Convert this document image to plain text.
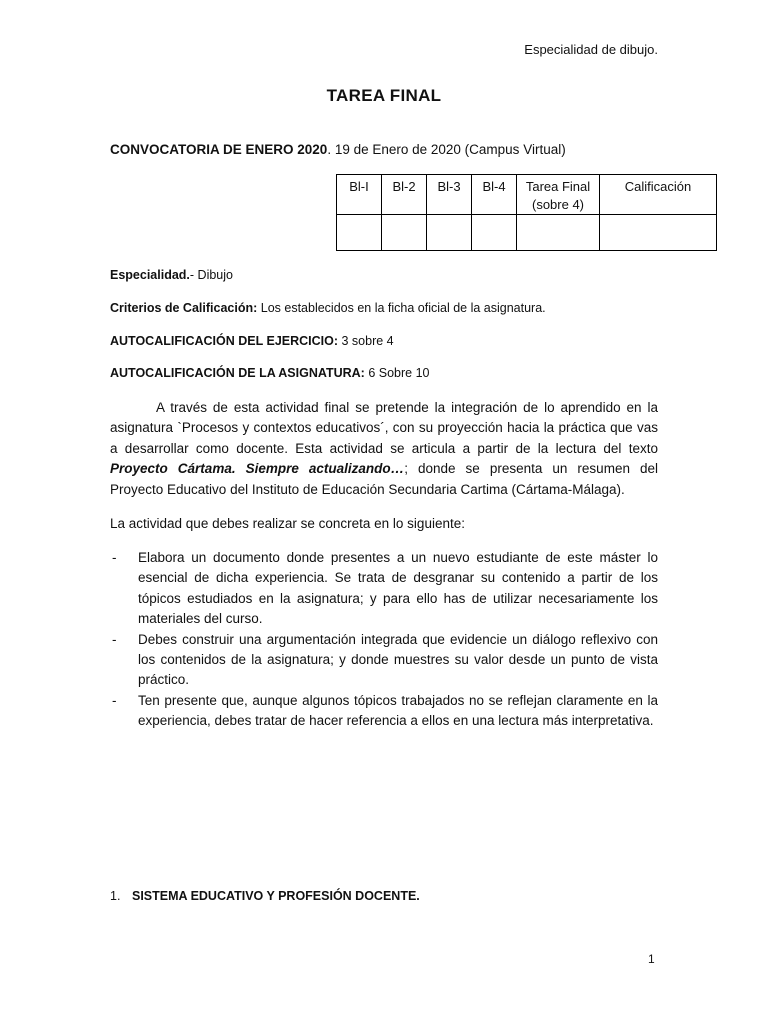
Especialidad de dibujo.
TAREA FINAL
CONVOCATORIA DE ENERO 2020. 19 de Enero de 2020 (Campus Virtual)
Bl-I	Bl-2	Bl-3	Bl-4	Tarea Final (sobre 4)	Calificación

Especialidad.- Dibujo
Criterios de Calificación: Los establecidos en la ficha oficial de la asignatura.
AUTOCALIFICACIÓN DEL EJERCICIO: 3 sobre 4
AUTOCALIFICACIÓN DE LA ASIGNATURA: 6 Sobre 10
A través de esta actividad final se pretende la integración de lo aprendido en la asignatura `Procesos y contextos educativos´, con su proyección hacia la práctica que vas a desarrollar como docente. Esta actividad se articula a partir de la lectura del texto Proyecto Cártama. Siempre actualizando…; donde se presenta un resumen del Proyecto Educativo del Instituto de Educación Secundaria Cartima (Cártama-Málaga).
La actividad que debes realizar se concreta en lo siguiente:
- Elabora un documento donde presentes a un nuevo estudiante de este máster lo esencial de dicha experiencia. Se trata de desgranar su contenido a partir de los tópicos estudiados en la asignatura; y para ello has de utilizar necesariamente los materiales del curso.
- Debes construir una argumentación integrada que evidencie un diálogo reflexivo con los contenidos de la asignatura; y donde muestres su valor desde un punto de vista práctico.
- Ten presente que, aunque algunos tópicos trabajados no se reflejan claramente en la experiencia, debes tratar de hacer referencia a ellos en una lectura más interpretativa.
1. SISTEMA EDUCATIVO Y PROFESIÓN DOCENTE.
1
